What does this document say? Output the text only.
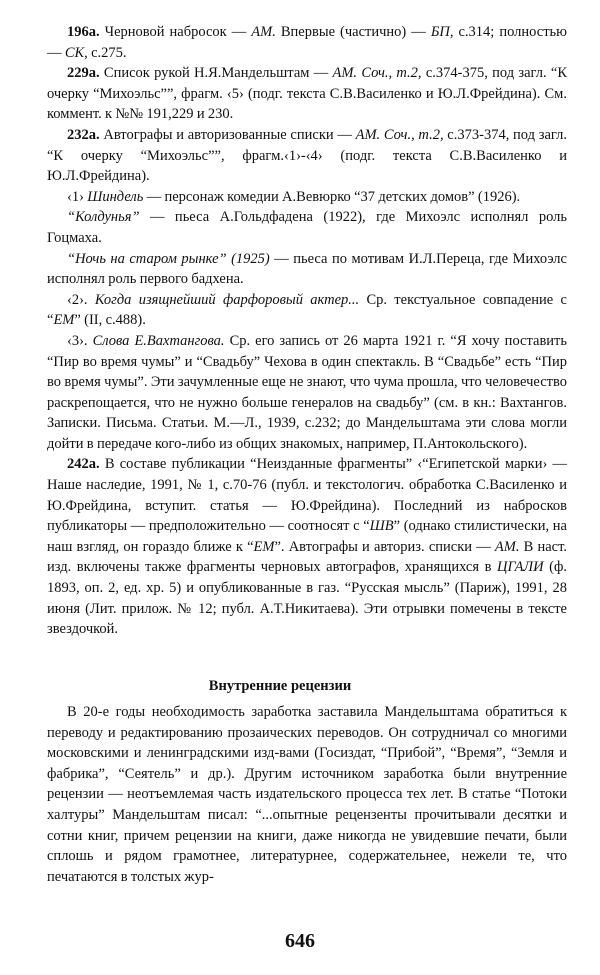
196a. Черновой набросок — AM. Впервые (частично) — БП, с.314; полностью — CK, с.275.

229a. Список рукой Н.Я.Мандельштам — AM. Соч., т.2, с.374-375, под загл. “К очерку “Михоэльс””, фрагм. ‹5› (подг. текста С.В.Василенко и Ю.Л.Фрейдина). См. коммент. к №№ 191,229 и 230.

232a. Автографы и авторизованные списки — AM. Соч., т.2, с.373-374, под загл. “К очерку “Михоэльс””, фрагм.‹1›-‹4› (подг. текста С.В.Василенко и Ю.Л.Фрейдина).

‹1› Шиндель — персонаж комедии А.Вевюрко “37 детских домов” (1926).

“Колдунья” — пьеса А.Гольдфадена (1922), где Михоэлс исполнял роль Гоцмаха.

“Ночь на старом рынке” (1925) — пьеса по мотивам И.Л.Переца, где Михоэлс исполнял роль первого бадхена.

‹2›. Когда изящнейший фарфоровый актер... Ср. текстуальное совпадение с “EM” (II, с.488).

‹3›. Слова Е.Вахтангова. Ср. его запись от 26 марта 1921 г. “Я хочу поставить “Пир во время чумы” и “Свадьбу” Чехова в один спектакль. В “Свадьбе” есть “Пир во время чумы”. Эти зачумленные еще не знают, что чума прошла, что человечество раскрепощается, что не нужно больше генералов на свадьбу” (см. в кн.: Вахтангов. Записки. Письма. Статьи. М.—Л., 1939, с.232; до Мандельштама эти слова могли дойти в передаче кого-либо из общих знакомых, например, П.Антокольского).

242a. В составе публикации “Неизданные фрагменты” ‹“Египетской марки› — Наше наследие, 1991, № 1, с.70-76 (публ. и текстологич. обработка С.Василенко и Ю.Фрейдина, вступит. статья — Ю.Фрейдина). Последний из набросков публикаторы — предположительно — соотносят с “ШВ” (однако стилистически, на наш взгляд, он гораздо ближе к “EM”. Автографы и авториз. списки — AM. В наст. изд. включены также фрагменты черновых автографов, хранящихся в ЦГАЛИ (ф. 1893, оп. 2, ед. хр. 5) и опубликованные в газ. “Русская мысль” (Париж), 1991, 28 июня (Лит. прилож. № 12; публ. А.Т.Никитаева). Эти отрывки помечены в тексте звездочкой.

Внутренние рецензии

В 20-е годы необходимость заработка заставила Мандельштама обратиться к переводу и редактированию прозаических переводов. Он сотрудничал со многими московскими и ленинградскими изд-вами (Госиздат, “Прибой”, “Время”, “Земля и фабрика”, “Сеятель” и др.). Другим источником заработка были внутренние рецензии — неотъемлемая часть издательского процесса тех лет. В статье “Потоки халтуры” Мандельштам писал: “...опытные рецензенты прочитывали десятки и сотни книг, причем рецензии на книги, даже никогда не увидевшие печати, были сплошь и рядом грамотнее, литературнее, содержательнее, нежели те, что печатаются в толстых жур-

646
